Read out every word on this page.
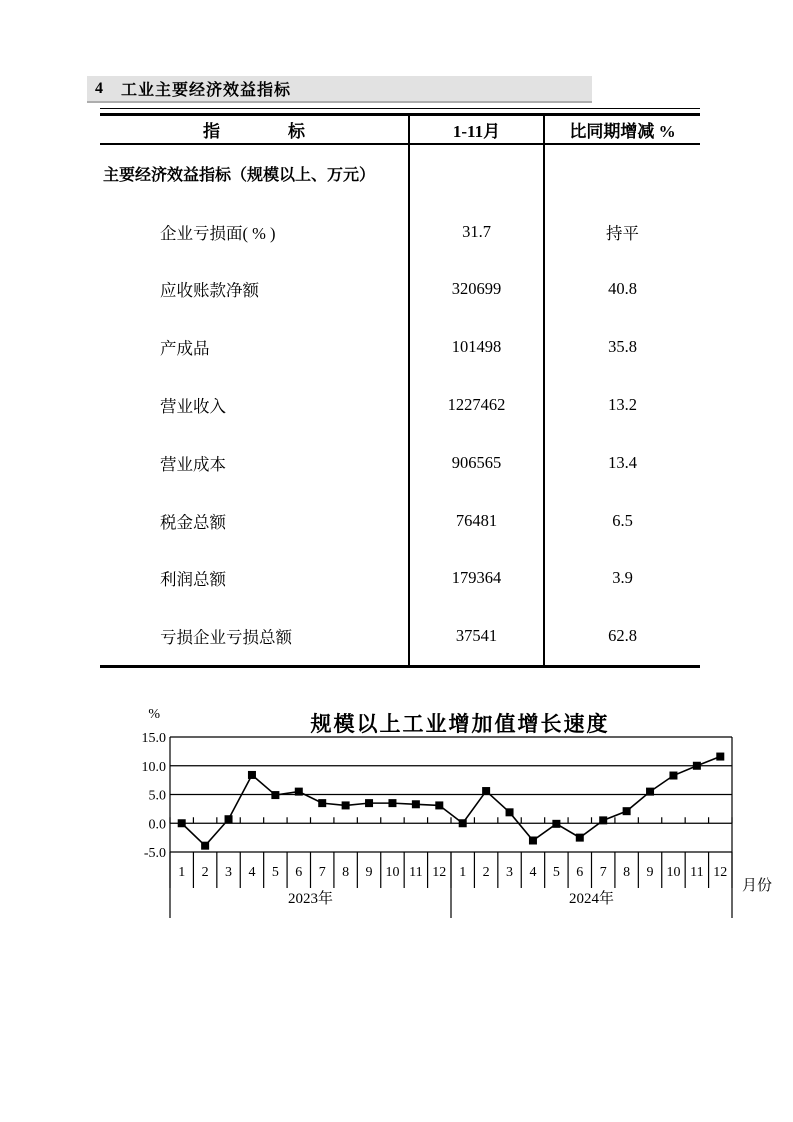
4 工业主要经济效益指标
指　　　　标	1-11月	比同期增减 %
主要经济效益指标（规模以上、万元）
企业亏损面( % )	31.7	持平
应收账款净额	320699	40.8
产成品	101498	35.8
营业收入	1227462	13.2
营业成本	906565	13.4
税金总额	76481	6.5
利润总额	179364	3.9
亏损企业亏损总额	37541	62.8
规模以上工业增加值增长速度
%
15.0
10.0
5.0
0.0
-5.0
1 2 3 4 5 6 7 8 9 10 11 12 1 2 3 4 5 6 7 8 9 10 11 12
2023年	2024年
月份
